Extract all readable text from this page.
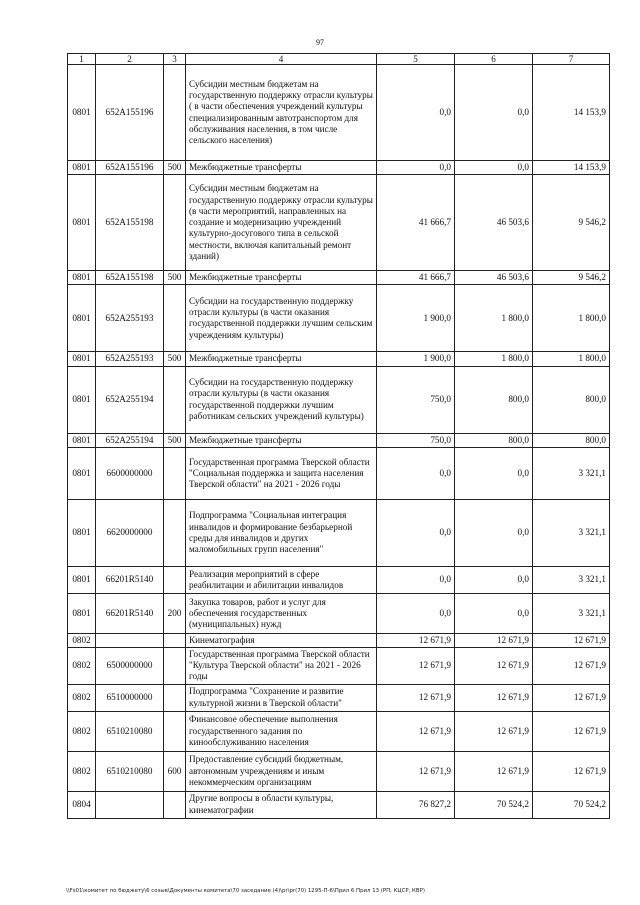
97
1	2	3	4	5	6	7
0801	652A155196		Субсидии местным бюджетам на государственную поддержку отрасли культуры ( в части обеспечения учреждений культуры специализированным автотранспортом для обслуживания населения, в том числе сельского населения)	0,0	0,0	14 153,9
0801	652A155196	500	Межбюджетные трансферты	0,0	0,0	14 153,9
0801	652A155198		Субсидии местным бюджетам на государственную поддержку отрасли культуры (в части мероприятий, направленных на создание и модернизацию учреждений культурно-досугового типа в сельской местности, включая капитальный ремонт зданий)	41 666,7	46 503,6	9 546,2
0801	652A155198	500	Межбюджетные трансферты	41 666,7	46 503,6	9 546,2
0801	652A255193		Субсидии на государственную поддержку отрасли культуры (в части оказания государственной поддержки лучшим сельским учреждениям культуры)	1 900,0	1 800,0	1 800,0
0801	652A255193	500	Межбюджетные трансферты	1 900,0	1 800,0	1 800,0
0801	652A255194		Субсидии на государственную поддержку отрасли культуры (в части оказания государственной поддержки лучшим работникам сельских учреждений культуры)	750,0	800,0	800,0
0801	652A255194	500	Межбюджетные трансферты	750,0	800,0	800,0
0801	6600000000		Государственная программа Тверской области "Социальная поддержка и защита населения Тверской области" на 2021 - 2026 годы	0,0	0,0	3 321,1
0801	6620000000		Подпрограмма "Социальная интеграция инвалидов и формирование безбарьерной среды для инвалидов и других маломобильных групп населения"	0,0	0,0	3 321,1
0801	66201R5140		Реализация мероприятий в сфере реабилитации и абилитации инвалидов	0,0	0,0	3 321,1
0801	66201R5140	200	Закупка товаров, работ и услуг для обеспечения государственных (муниципальных) нужд	0,0	0,0	3 321,1
0802			Кинематография	12 671,9	12 671,9	12 671,9
0802	6500000000		Государственная программа Тверской области "Культура Тверской области" на 2021 - 2026 годы	12 671,9	12 671,9	12 671,9
0802	6510000000		Подпрограмма "Сохранение и развитие культурной жизни в Тверской области"	12 671,9	12 671,9	12 671,9
0802	6510210080		Финансовое обеспечение выполнения государственного задания по кинообслуживанию населения	12 671,9	12 671,9	12 671,9
0802	6510210080	600	Предоставление субсидий бюджетным, автономным учреждениям и иным некоммерческим организациям	12 671,9	12 671,9	12 671,9
0804			Другие вопросы в области культуры, кинематографии	76 827,2	70 524,2	70 524,2
\\Fs01\комитет по бюджету\6 созыв\Документы комитета\70 заседание (4)\pr\pr(70) 1295-П-6\Прил 6 Прил 13 (РП, КЦСР, КВР)
